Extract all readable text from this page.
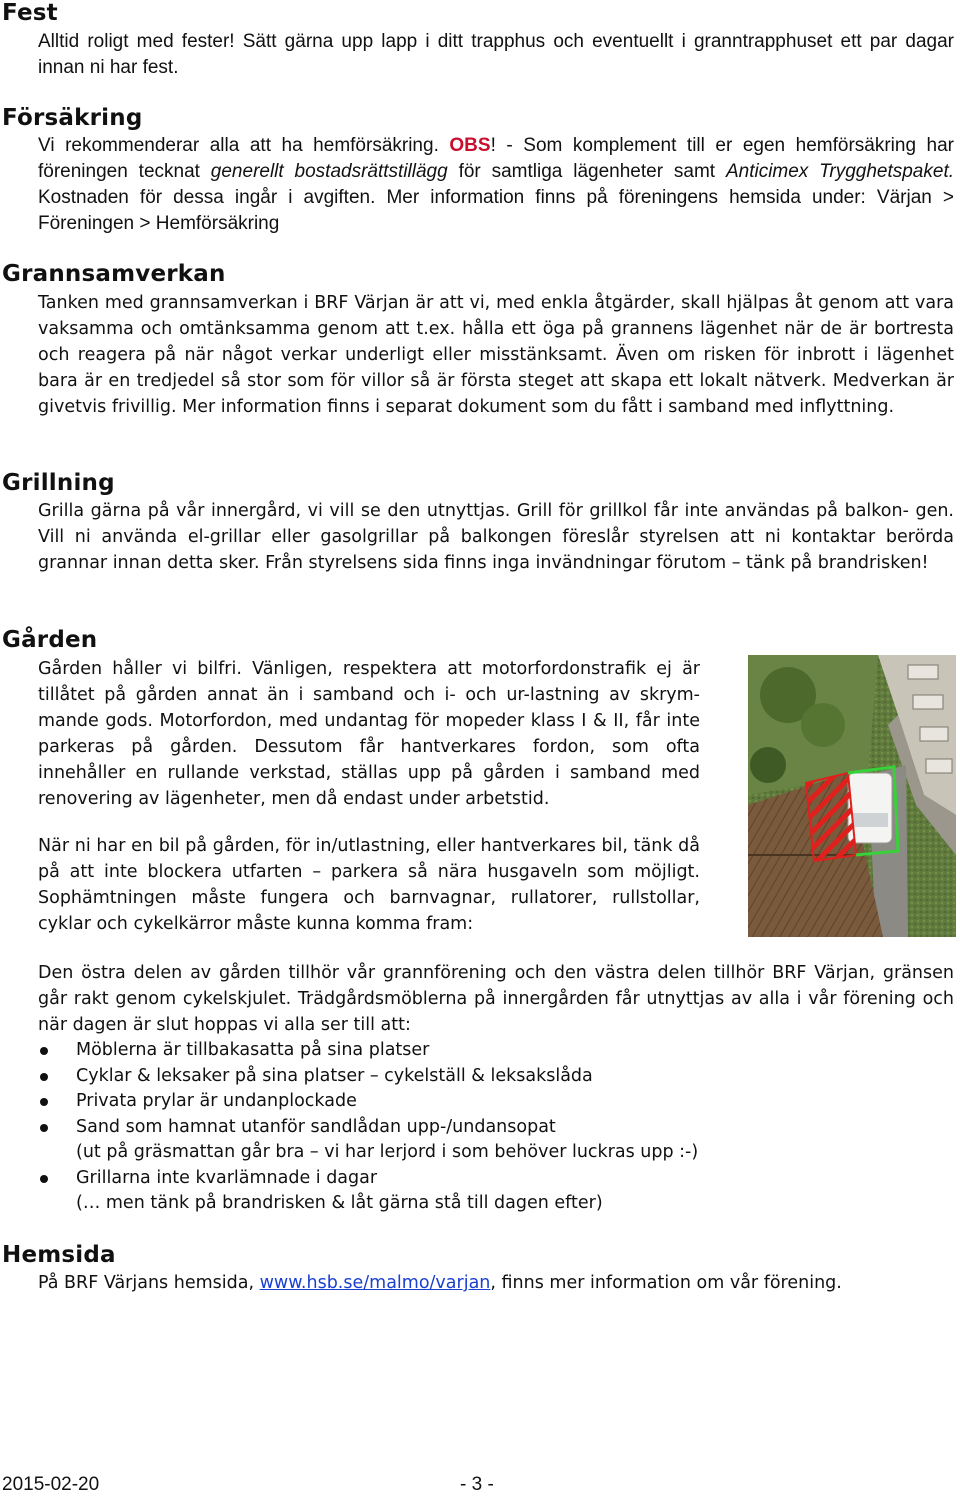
Fest

Alltid roligt med fester! Sätt gärna upp lapp i ditt trapphus och eventuellt i granntrapphuset ett par dagar innan ni har fest.

Försäkring

Vi rekommenderar alla att ha hemförsäkring. OBS! - Som komplement till er egen hemförsäkring har föreningen tecknat generellt bostadsrättstillägg för samtliga lägenheter samt Anticimex Trygghetspaket. Kostnaden för dessa ingår i avgiften. Mer information finns på föreningens hemsida under: Värjan > Föreningen > Hemförsäkring

Grannsamverkan

Tanken med grannsamverkan i BRF Värjan är att vi, med enkla åtgärder, skall hjälpas åt genom att vara vaksamma och omtänksamma genom att t.ex. hålla ett öga på grannens lägenhet när de är bortresta och reagera på när något verkar underligt eller misstänksamt. Även om risken för inbrott i lägenhet bara är en tredjedel så stor som för villor så är första steget att skapa ett lokalt nätverk. Medverkan är givetvis frivillig. Mer information finns i separat dokument som du fått i samband med inflyttning.

Grillning

Grilla gärna på vår innergård, vi vill se den utnyttjas. Grill för grillkol får inte användas på balkon- gen. Vill ni använda el-grillar eller gasolgrillar på balkongen föreslår styrelsen att ni kontaktar berörda grannar innan detta sker. Från styrelsens sida finns inga invändningar förutom – tänk på brandrisken!

Gården

Gården håller vi bilfri. Vänligen, respektera att motorfordonstrafik ej är tillåtet på gården annat än i samband och i- och ur-lastning av skrym- mande gods. Motorfordon, med undantag för mopeder klass I & II, får inte parkeras på gården. Dessutom får hantverkares fordon, som ofta innehåller en rullande verkstad, ställas upp på gården i samband med renovering av lägenheter, men då endast under arbetstid.

När ni har en bil på gården, för in/utlastning, eller hantverkares bil, tänk då på att inte blockera utfarten – parkera så nära husgaveln som möjligt. Sophämtningen måste fungera och barnvagnar, rullatorer, rullstollar, cyklar och cykelkärror måste kunna komma fram:

Den östra delen av gården tillhör vår grannförening och den västra delen tillhör BRF Värjan, gränsen går rakt genom cykelskjulet. Trädgårdsmöblerna på innergården får utnyttjas av alla i vår förening och när dagen är slut hoppas vi alla ser till att:

Möblerna är tillbakasatta på sina platser
Cyklar & leksaker på sina platser – cykelställ & leksakslåda
Privata prylar är undanplockade
Sand som hamnat utanför sandlådan upp-/undansopat
(ut på gräsmattan går bra – vi har lerjord i som behöver luckras upp :-)
Grillarna inte kvarlämnade i dagar
(… men tänk på brandrisken & låt gärna stå till dagen efter)
Hemsida

På BRF Värjans hemsida, www.hsb.se/malmo/varjan, finns mer information om vår förening.

2015-02-20	- 3 -
